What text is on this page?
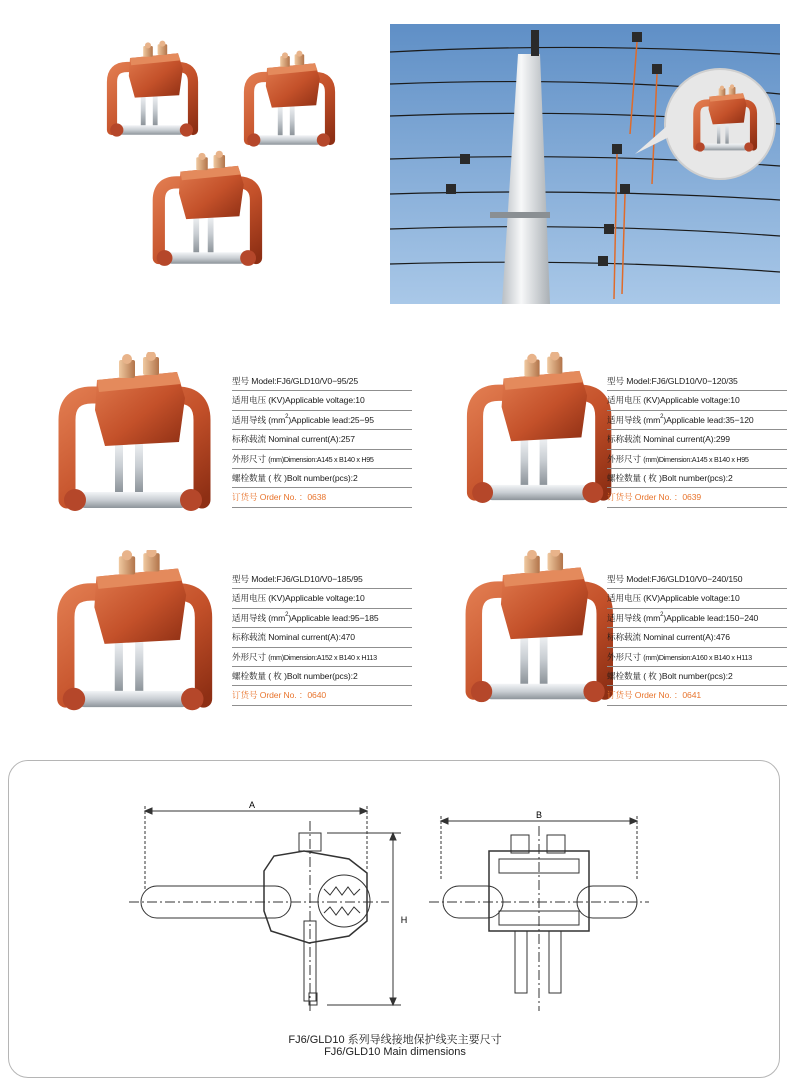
型号 Model:FJ6/GLD10/V0−95/25
适用电压 (KV)Applicable voltage:10
适用导线 $(mm^2)Applicable$ lead:25−95
标称载流 Nominal current(A):257
外形尺寸 (mm)Dimension:A145 x B140 x H95
螺栓数量 ( 枚 )Bolt number(pcs):2
订货号 Order No. ：0638
型号 Model:FJ6/GLD10/V0−120/35
适用电压 (KV)Applicable voltage:10
适用导线 $(mm^2)Applicable$ lead:35−120
标称载流 Nominal current(A):299
外形尺寸 (mm)Dimension:A145 x B140 x H95
螺栓数量 ( 枚 )Bolt number(pcs):2
订货号 Order No. ：0639
型号 Model:FJ6/GLD10/V0−185/95
适用电压 (KV)Applicable voltage:10
适用导线 $(mm^2)Applicable$ lead:95−185
标称载流 Nominal current(A):470
外形尺寸 (mm)Dimension:A152 x B140 x H113
螺栓数量 ( 枚 )Bolt number(pcs):2
订货号 Order No. ：0640
型号 Model:FJ6/GLD10/V0−240/150
适用电压 (KV)Applicable voltage:10
适用导线 $(mm^2)Applicable$ lead:150−240
标称载流 Nominal current(A):476
外形尺寸 (mm)Dimension:A160 x B140 x H113
螺栓数量 ( 枚 )Bolt number(pcs):2
订货号 Order No. ：0641
A
B
H
FJ6/GLD10 系列导线接地保护线夹主要尺寸
FJ6/GLD10 Main dimensions
